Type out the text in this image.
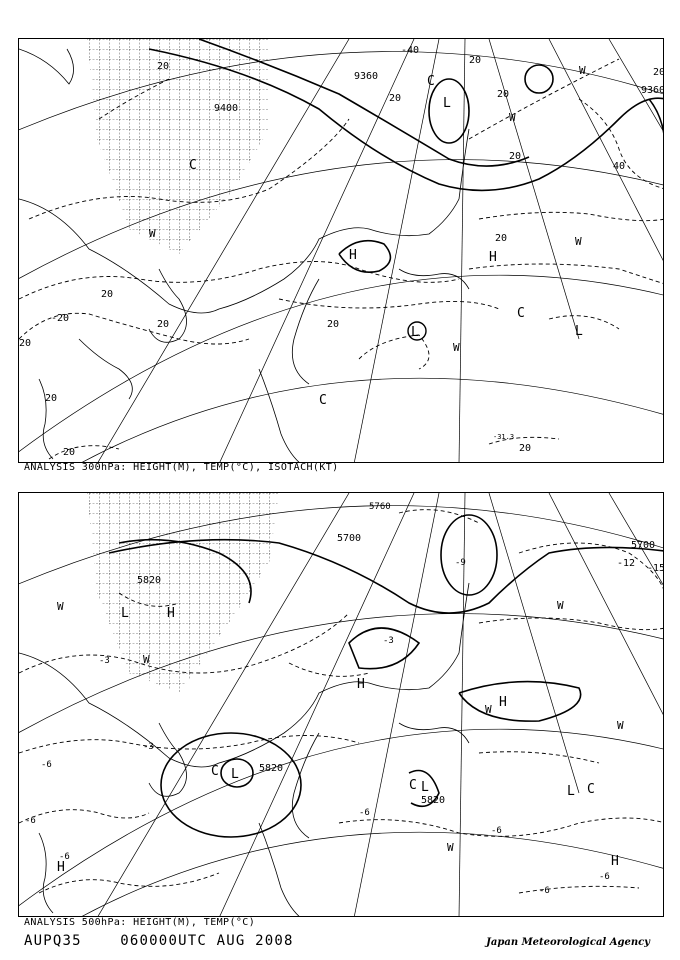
9360
9400
9360
-40
20
20
20
20
20
20
20
40
20
-20
20
20
20
20	20
-31.3
L
C
W
W
W
H	H
W
C
L
L
W
C
C
20
ANALYSIS 300hPa: HEIGHT(M), TEMP(°C), ISOTACH(KT)
5700
5700
5820
5820
5820
5760
-12 -15
W	L	H
W
-3
-3
H
H
W
W
W
L
C
C L	C
L
W
H
H
-6
-6
-6
-6
-6
-6
-6
-9
-3
ANALYSIS 500hPa: HEIGHT(M), TEMP(°C)
AUPQ35	060000UTC AUG 2008	Japan Meteorological Agency
